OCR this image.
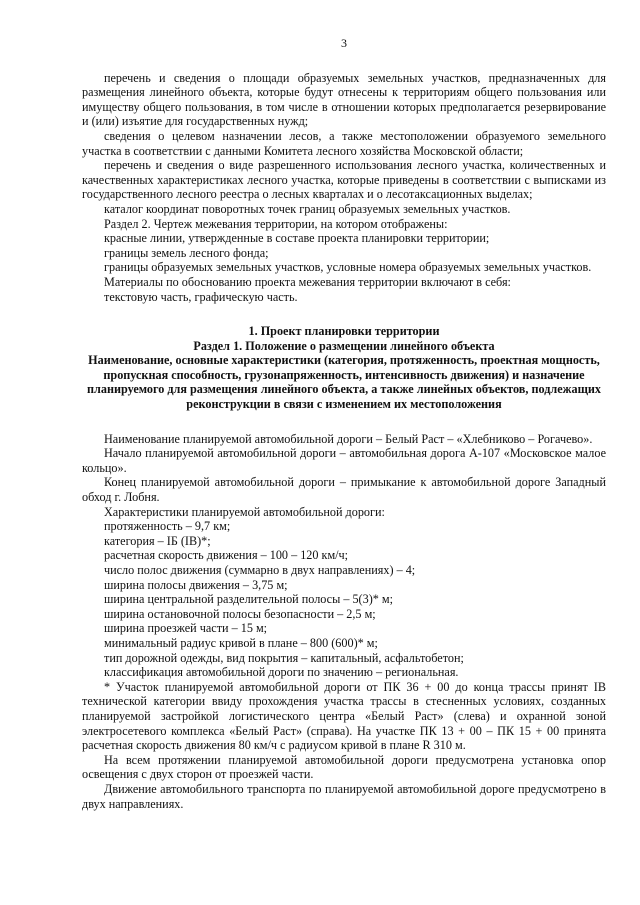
3

перечень и сведения о площади образуемых земельных участков, предназначенных для размещения линейного объекта, которые будут отнесены к территориям общего пользования или имуществу общего пользования, в том числе в отношении которых предполагается резервирование и (или) изъятие для государственных нужд;

сведения о целевом назначении лесов, а также местоположении образуемого земельного участка в соответствии с данными Комитета лесного хозяйства Московской области;

перечень и сведения о виде разрешенного использования лесного участка, количественных и качественных характеристиках лесного участка, которые приведены в соответствии с выписками из государственного лесного реестра о лесных кварталах и о лесотаксационных выделах;

каталог координат поворотных точек границ образуемых земельных участков.

Раздел 2. Чертеж межевания территории, на котором отображены:

красные линии, утвержденные в составе проекта планировки территории;

границы земель лесного фонда;

границы образуемых земельных участков, условные номера образуемых земельных участков.

Материалы по обоснованию проекта межевания территории включают в себя:

текстовую часть, графическую часть.

1. Проект планировки территории

Раздел 1. Положение о размещении линейного объекта

Наименование, основные характеристики (категория, протяженность, проектная мощность, пропускная способность, грузонапряженность, интенсивность движения) и назначение планируемого для размещения линейного объекта, а также линейных объектов, подлежащих реконструкции в связи с изменением их местоположения

Наименование планируемой автомобильной дороги – Белый Раст – «Хлебниково – Рогачево».

Начало планируемой автомобильной дороги – автомобильная дорога А-107 «Московское малое кольцо».

Конец планируемой автомобильной дороги – примыкание к автомобильной дороге Западный обход г. Лобня.

Характеристики планируемой автомобильной дороги:

протяженность – 9,7 км;
категория – IБ (IВ)*;
расчетная скорость движения – 100 – 120 км/ч;
число полос движения (суммарно в двух направлениях) – 4;
ширина полосы движения – 3,75 м;
ширина центральной разделительной полосы – 5(3)* м;
ширина остановочной полосы безопасности – 2,5 м;
ширина проезжей части – 15 м;
минимальный радиус кривой в плане – 800 (600)* м;
тип дорожной одежды, вид покрытия – капитальный, асфальтобетон;
классификация автомобильной дороги по значению – региональная.

* Участок планируемой автомобильной дороги от ПК 36 + 00 до конца трассы принят IВ технической категории ввиду прохождения участка трассы в стесненных условиях, созданных планируемой застройкой логистического центра «Белый Раст» (слева) и охранной зоной электросетевого комплекса «Белый Раст» (справа). На участке ПК 13 + 00 – ПК 15 + 00 принята расчетная скорость движения 80 км/ч с радиусом кривой в плане R 310 м.

На всем протяжении планируемой автомобильной дороги предусмотрена установка опор освещения с двух сторон от проезжей части.

Движение автомобильного транспорта по планируемой автомобильной дороге предусмотрено в двух направлениях.
